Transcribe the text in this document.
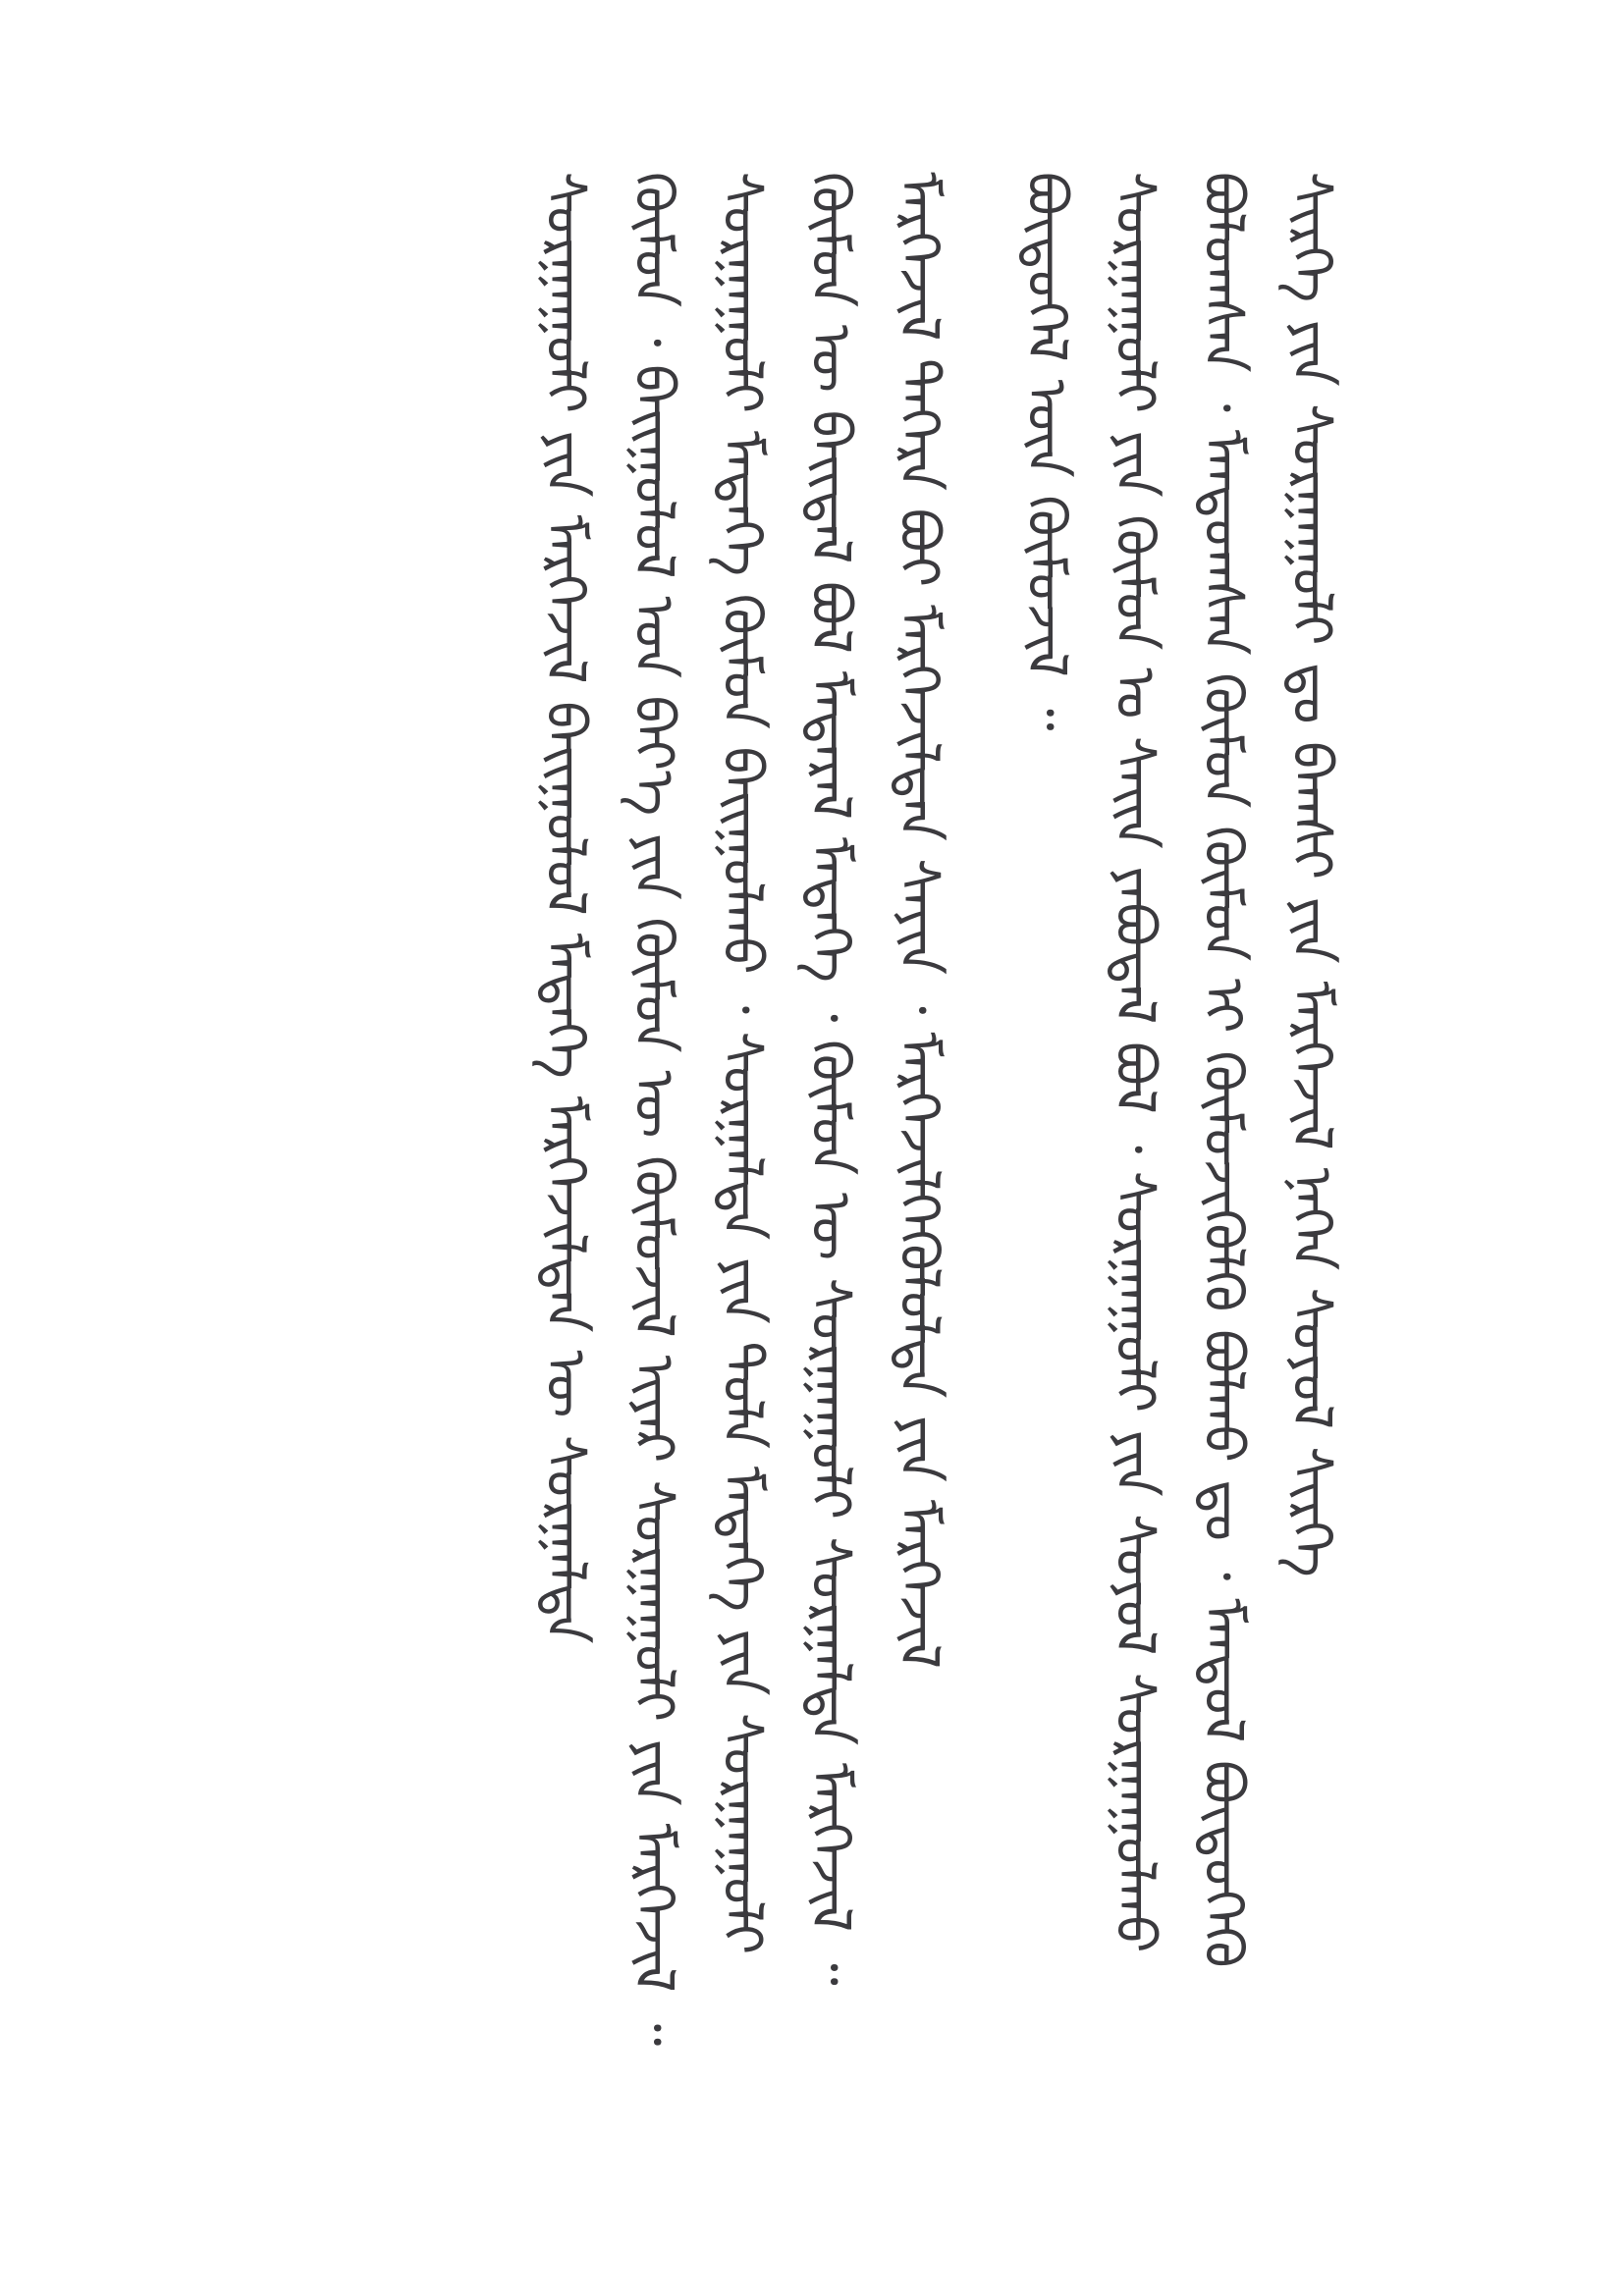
ᠰᠢᠷᠭᠡ ᠶᠢᠨ ᠰᠤᠷᠭᠠᠭᠤᠯᠢ ᠳᠤ ᠪᠠᠭᠰᠢ ᠶᠢᠨ ᠮᠡᠷᠭᠡᠵᠢᠯ ᠨᠡᠬᠡᠨ ᠰᠣᠶᠤᠯ ᠰᠢᠷᠭᠡ
ᠪᠣᠯᠤᠭᠰᠠᠨ ᠂ ᠮᠠᠨᠳᠤᠭᠰᠠᠨ ᠬᠦᠮᠦᠨ ᠬᠦᠮᠦᠨ ᠢ ᠬᠦᠮᠦᠵᠢᠭᠦᠯᠬᠦ ᠪᠣᠯᠬᠤ ᠳᠤ ᠂ ᠮᠠᠨᠳᠤᠯ ᠪᠦᠲᠦᠭᠡᠬᠦ
ᠰᠤᠷᠭᠠᠭᠤᠯᠢ ᠶᠢᠨ ᠬᠦᠮᠦᠨ ᠤ ᠰᠠᠢᠨ ᠶᠠᠪᠤᠳᠠᠯ ᠪᠣᠯ ᠂ ᠰᠤᠷᠭᠠᠭᠤᠯᠢ ᠶᠢᠨ ᠰᠣᠶᠤᠯ ᠰᠤᠷᠭᠠᠭᠤᠯᠬᠤ
ᠪᠦᠲᠦᠭᠡᠯ ᠦᠨ ᠬᠦᠮᠦᠵᠢᠯ ᠃
ᠮᠡᠷᠭᠡᠵᠢᠯ ᠳᠡᠭᠡᠷᠡ ᠪᠤᠢ ᠮᠡᠷᠭᠡᠵᠢᠯᠲᠡᠨ ᠰᠠᠶᠢᠨ ᠂ ᠮᠡᠷᠭᠡᠵᠢᠯᠬᠡᠭᠦᠯᠦᠯᠲᠡ ᠶᠢᠨ ᠮᠡᠷᠭᠡᠵᠢᠯ
ᠬᠦᠮᠦᠨ ᠦ ᠪᠠᠢᠳᠠᠯ ᠪᠣᠯ ᠮᠡᠳᠡᠷᠡᠯ ᠮᠡᠳᠡᠭᠡ ᠂ ᠬᠦᠮᠦᠨ ᠦ ᠰᠤᠷᠭᠠᠭᠤᠯᠢ ᠰᠤᠷᠭᠠᠯᠲᠠ ᠮᠡᠷᠭᠡᠵᠢᠯ ᠃
ᠰᠤᠷᠭᠠᠭᠤᠯᠢ ᠮᠡᠳᠡᠭᠡ ᠬᠦᠮᠦᠨ ᠪᠠᠢᠭᠤᠯᠬᠤ ᠂ ᠰᠤᠷᠭᠠᠯᠲᠠ ᠶᠢᠨ ᠲᠤᠯᠠ ᠮᠡᠳᠡᠭᠡ ᠶᠢᠨ ᠰᠤᠷᠭᠠᠭᠤᠯᠢ
ᠬᠦᠮᠦᠨ ᠂ ᠪᠠᠢᠭᠤᠯᠤᠯ ᠤᠨ ᠪᠡᠶ᠎ᠡ ᠶᠢᠨ ᠬᠦᠮᠦᠨ ᠦ ᠬᠦᠮᠦᠵᠢᠯ ᠢᠶᠡᠷ ᠰᠤᠷᠭᠠᠭᠤᠯᠢ ᠶᠢᠨ ᠮᠡᠷᠭᠡᠵᠢᠯ ᠃
ᠰᠤᠷᠭᠠᠭᠤᠯᠢ ᠶᠢᠨ ᠮᠡᠷᠭᠡᠵᠢᠯ ᠪᠠᠢᠭᠤᠯᠤᠯ ᠮᠡᠳᠡᠭᠡ ᠮᠡᠷᠭᠡᠵᠢᠯᠲᠡᠨ ᠦ ᠰᠤᠷᠭᠠᠯᠲᠠ
